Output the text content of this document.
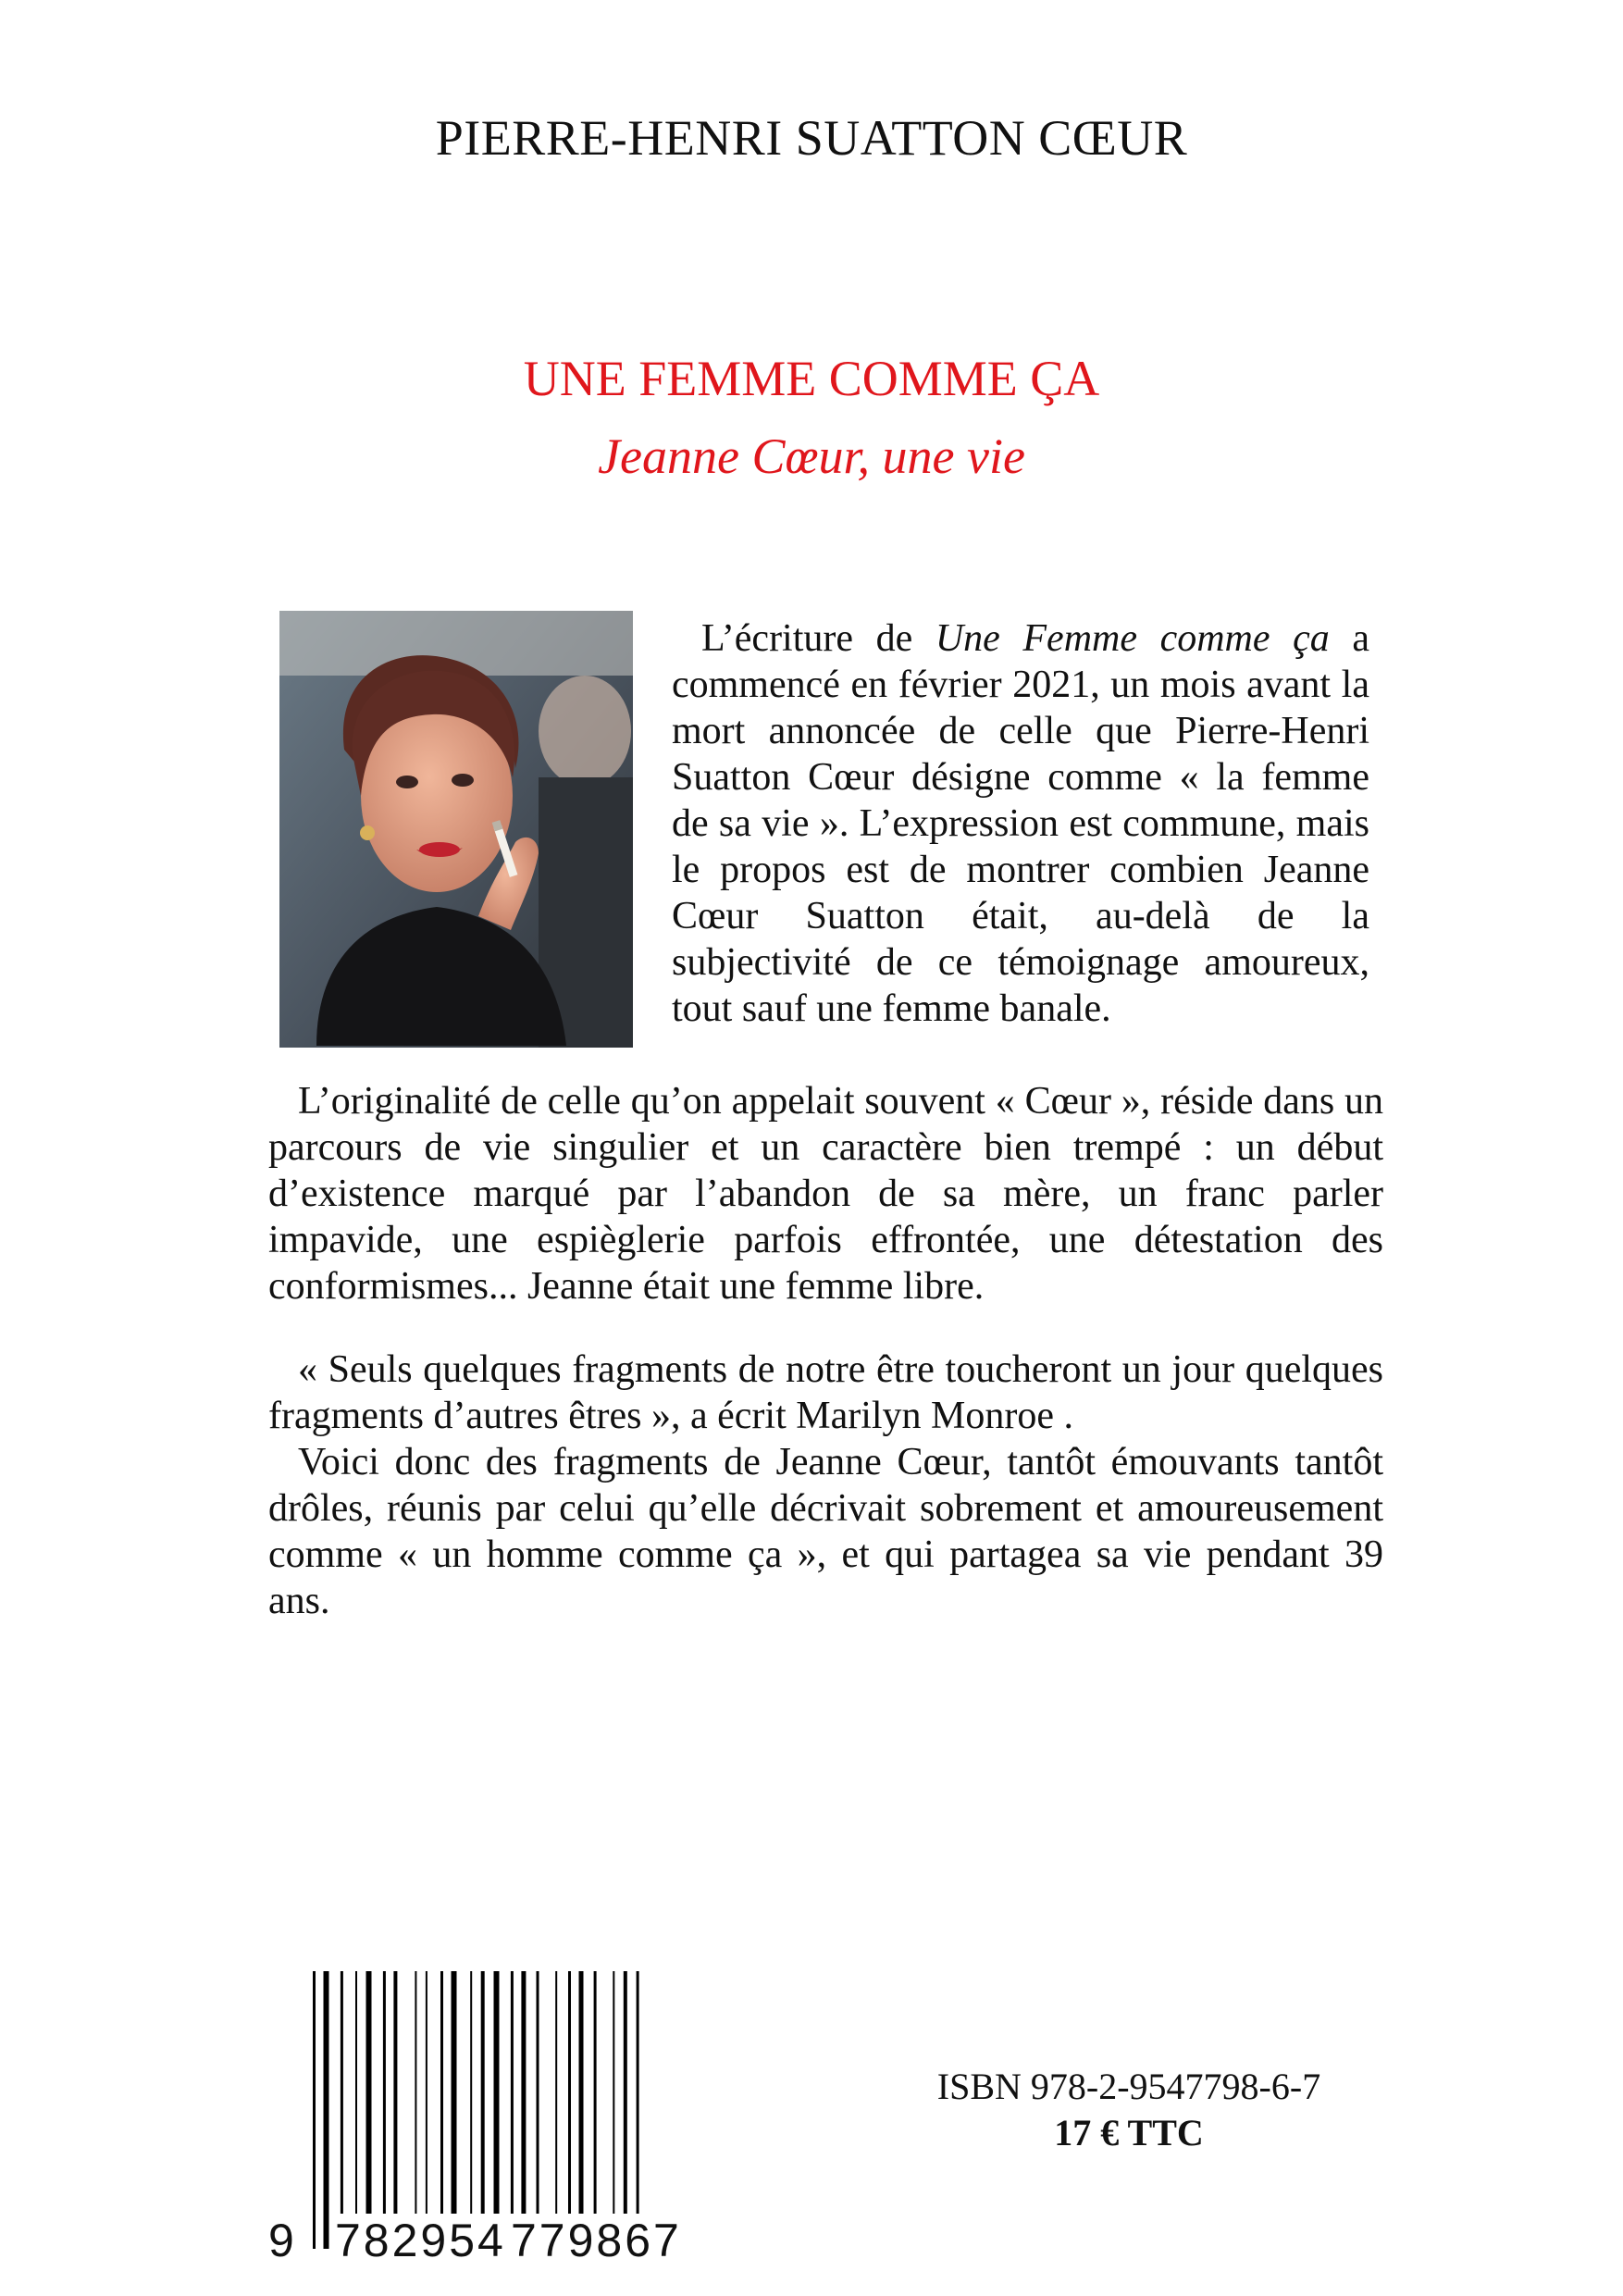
PIERRE-HENRI SUATTON CŒUR
UNE FEMME COMME ÇA
Jeanne Cœur, une vie

L’écriture de Une Femme comme ça a commencé en février 2021, un mois avant la mort annoncée de celle que Pierre-Henri Suatton Cœur désigne comme « la femme de sa vie ». L’expression est commune, mais le propos est de montrer combien Jeanne Cœur Suatton était, au-delà de la subjectivité de ce témoignage amoureux, tout sauf une femme banale.

L’originalité de celle qu’on appelait souvent « Cœur », réside dans un parcours de vie singulier et un caractère bien trempé : un début d’existence marqué par l’abandon de sa mère, un franc parler impavide, une espièglerie parfois effrontée, une détestation des conformismes... Jeanne était une femme libre.

« Seuls quelques fragments de notre être toucheront un jour quelques fragments d’autres êtres », a écrit Marilyn Monroe .

Voici donc des fragments de Jeanne Cœur, tantôt émouvants tantôt drôles, réunis par celui qu’elle décrivait sobrement et amoureusement comme « un homme comme ça », et qui partagea sa vie pendant 39 ans.

9 782954 779867
ISBN 978-2-9547798-6-7
17 € TTC
